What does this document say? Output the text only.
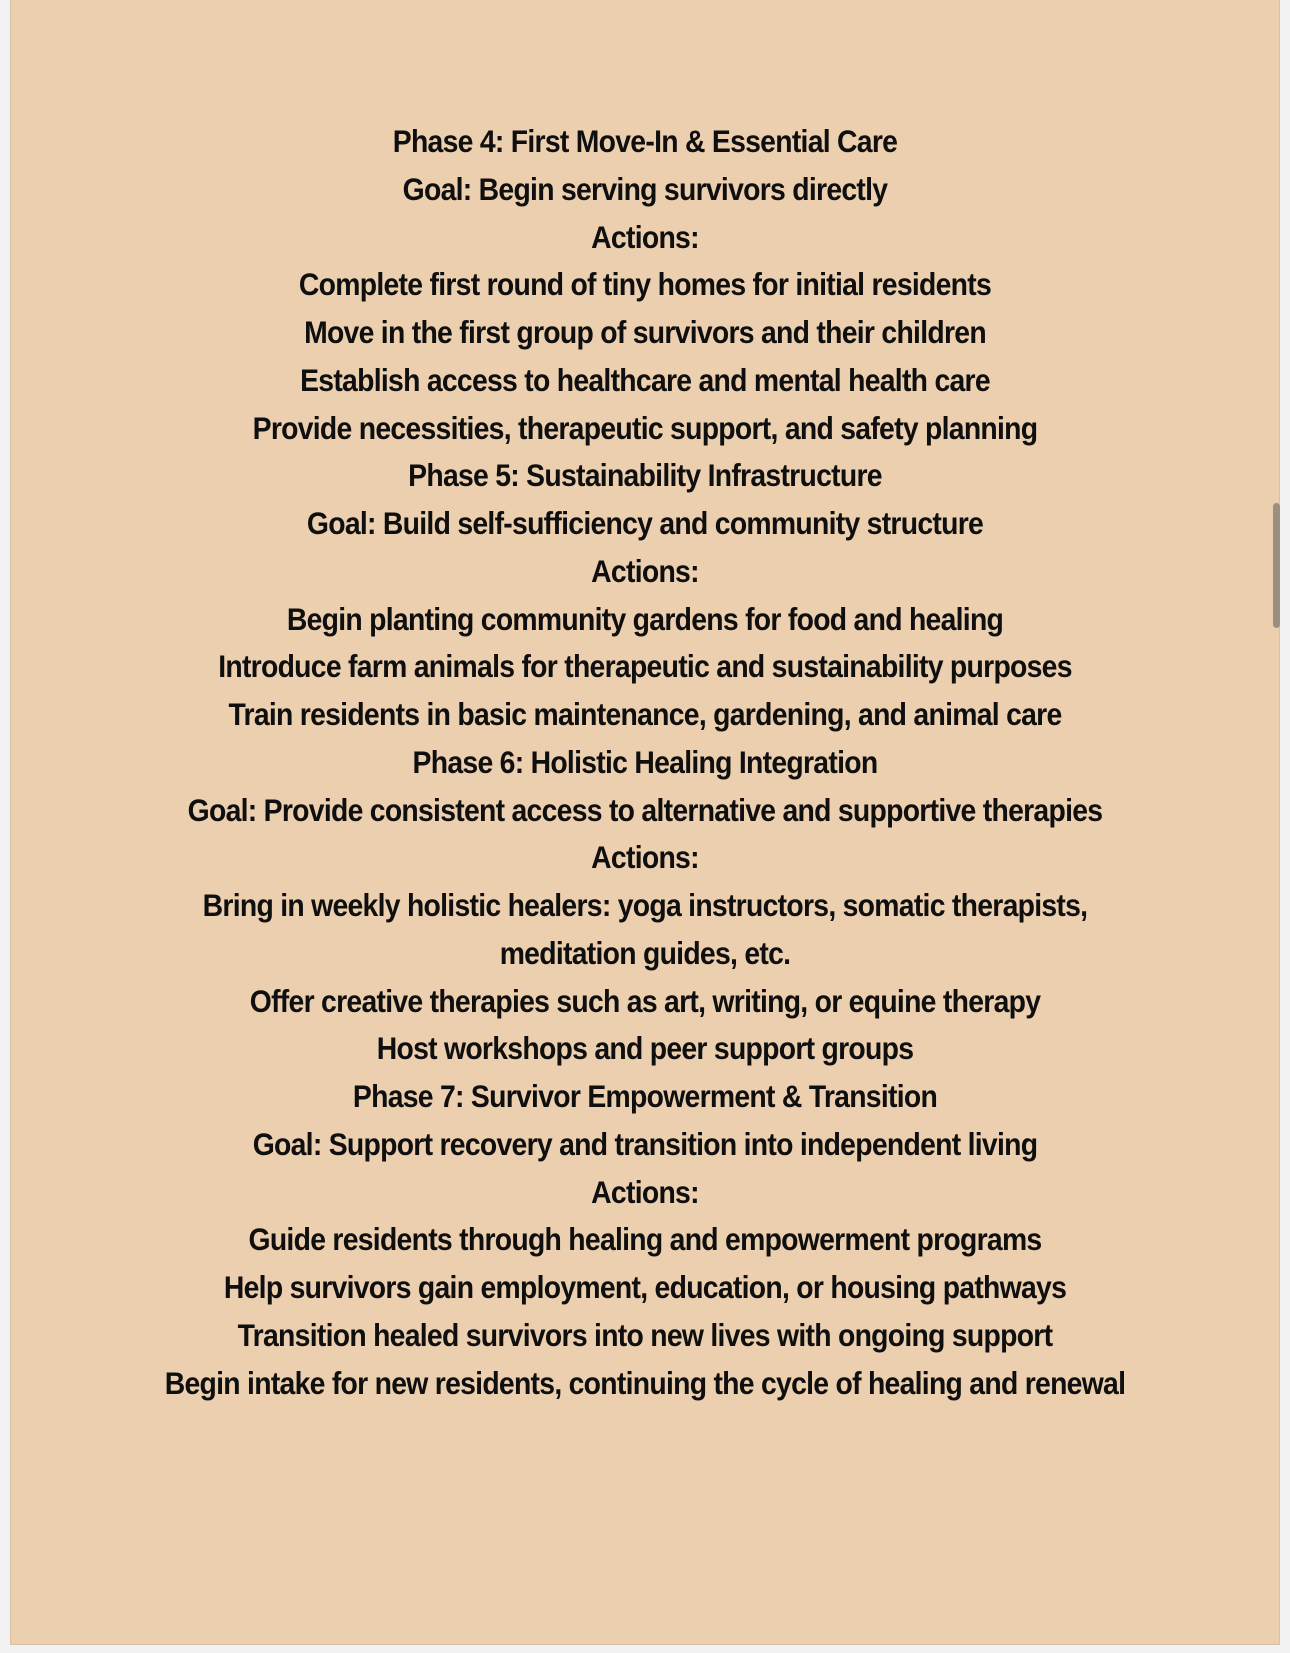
Phase 4: First Move-In & Essential Care
Goal: Begin serving survivors directly
Actions:
Complete first round of tiny homes for initial residents
Move in the first group of survivors and their children
Establish access to healthcare and mental health care
Provide necessities, therapeutic support, and safety planning
Phase 5: Sustainability Infrastructure
Goal: Build self-sufficiency and community structure
Actions:
Begin planting community gardens for food and healing
Introduce farm animals for therapeutic and sustainability purposes
Train residents in basic maintenance, gardening, and animal care
Phase 6: Holistic Healing Integration
Goal: Provide consistent access to alternative and supportive therapies
Actions:
Bring in weekly holistic healers: yoga instructors, somatic therapists, meditation guides, etc.
Offer creative therapies such as art, writing, or equine therapy
Host workshops and peer support groups
Phase 7: Survivor Empowerment & Transition
Goal: Support recovery and transition into independent living
Actions:
Guide residents through healing and empowerment programs
Help survivors gain employment, education, or housing pathways
Transition healed survivors into new lives with ongoing support
Begin intake for new residents, continuing the cycle of healing and renewal
